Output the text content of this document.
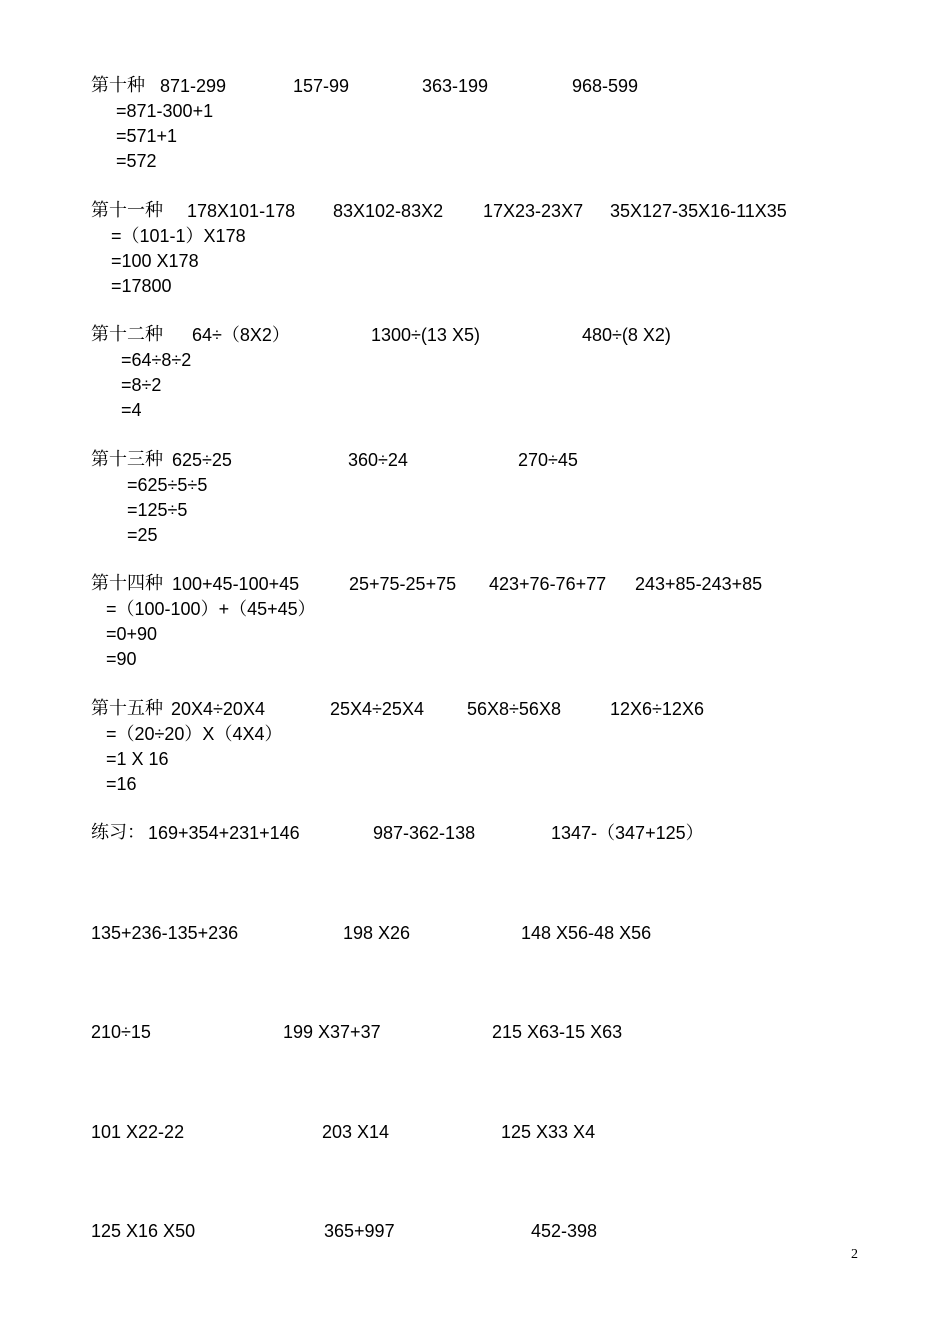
第十种 871-299	157-99	363-199	968-599
=871-300+1
=571+1
=572
第十一种 178X101-178 83X102-83X2 17X23-23X7 35X127-35X16-11X35
=（101-1）X178
=100 X178
=17800
第十二种 64÷（8X2）	1300÷(13 X5)	480÷(8 X2)
=64÷8÷2
=8÷2
=4
第十三种 625÷25	360÷24	270÷45
=625÷5÷5
=125÷5
=25
第十四种 100+45-100+45	25+75-25+75 423+76-76+77 243+85-243+85
=（100-100）+（45+45）
=0+90
=90
第十五种 20X4÷20X4	25X4÷25X4 56X8÷56X8	12X6÷12X6
=（20÷20）X（4X4）
=1 X 16
=16
练习： 169+354+231+146	987-362-138	1347-（347+125）
135+236-135+236	198 X26	148 X56-48 X56
210÷15	199 X37+37	215 X63-15 X63
101 X22-22	203 X14	125 X33 X4
125 X16 X50	365+997	452-398
2
